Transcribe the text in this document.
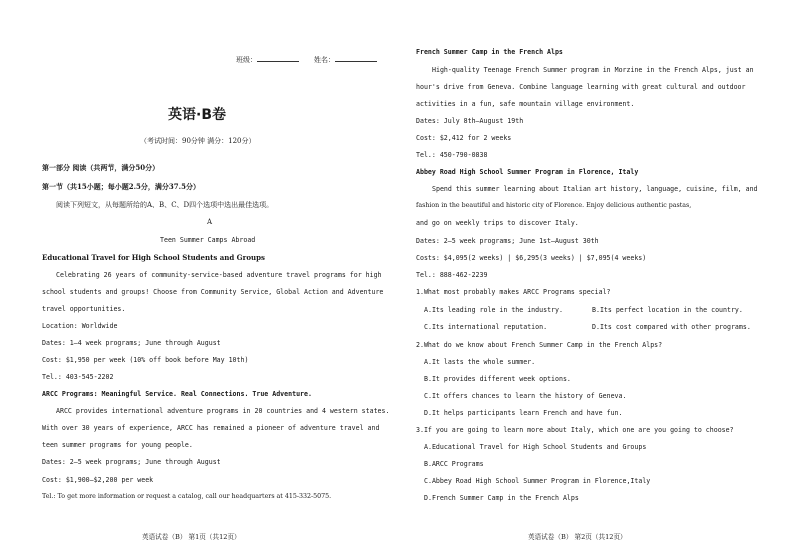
班级：	姓名：
英语·B卷
（考试时间：90分钟 满分：120分）
第一部分 阅读（共两节，满分50分）
第一节（共15小题；每小题2.5分，满分37.5分）
阅读下列短文，从每题所给的A、B、C、D四个选项中选出最佳选项。
A
Teen Summer Camps Abroad
Educational Travel for High School Students and Groups
Celebrating 26 years of community-service-based adventure travel programs for high
school students and groups! Choose from Community Service, Global Action and Adventure
travel opportunities.
Location: Worldwide
Dates: 1—4 week programs; June through August
Cost: $1,950 per week (10% off book before May 10th)
Tel.: 403-545-2202
ARCC Programs: Meaningful Service. Real Connections. True Adventure.
ARCC provides international adventure programs in 20 countries and 4 western states.
With over 30 years of experience, ARCC has remained a pioneer of adventure travel and
teen summer programs for young people.
Dates: 2—5 week programs; June through August
Cost: $1,900—$2,200 per week
Tel.: To get more information or request a catalog, call our headquarters at 415-332-5075.
英语试卷（B） 第1页（共12页）
French Summer Camp in the French Alps
High-quality Teenage French Summer program in Morzine in the French Alps, just an
hour's drive from Geneva. Combine language learning with great cultural and outdoor
activities in a fun, safe mountain village environment.
Dates: July 8th—August 19th
Cost: $2,412 for 2 weeks
Tel.: 450-790-0838
Abbey Road High School Summer Program in Florence, Italy
Spend this summer learning about Italian art history, language, cuisine, film, and
fashion in the beautiful and historic city of Florence. Enjoy delicious authentic pastas,
and go on weekly trips to discover Italy.
Dates: 2—5 week programs; June 1st—August 30th
Costs: $4,095(2 weeks) | $6,295(3 weeks) | $7,095(4 weeks)
Tel.: 888-462-2239
1.What most probably makes ARCC Programs special?
A.Its leading role in the industry.	B.Its perfect location in the country.
C.Its international reputation.	D.Its cost compared with other programs.
2.What do we know about French Summer Camp in the French Alps?
A.It lasts the whole summer.
B.It provides different week options.
C.It offers chances to learn the history of Geneva.
D.It helps participants learn French and have fun.
3.If you are going to learn more about Italy, which one are you going to choose?
A.Educational Travel for High School Students and Groups
B.ARCC Programs
C.Abbey Road High School Summer Program in Florence,Italy
D.French Summer Camp in the French Alps
英语试卷（B） 第2页（共12页）
